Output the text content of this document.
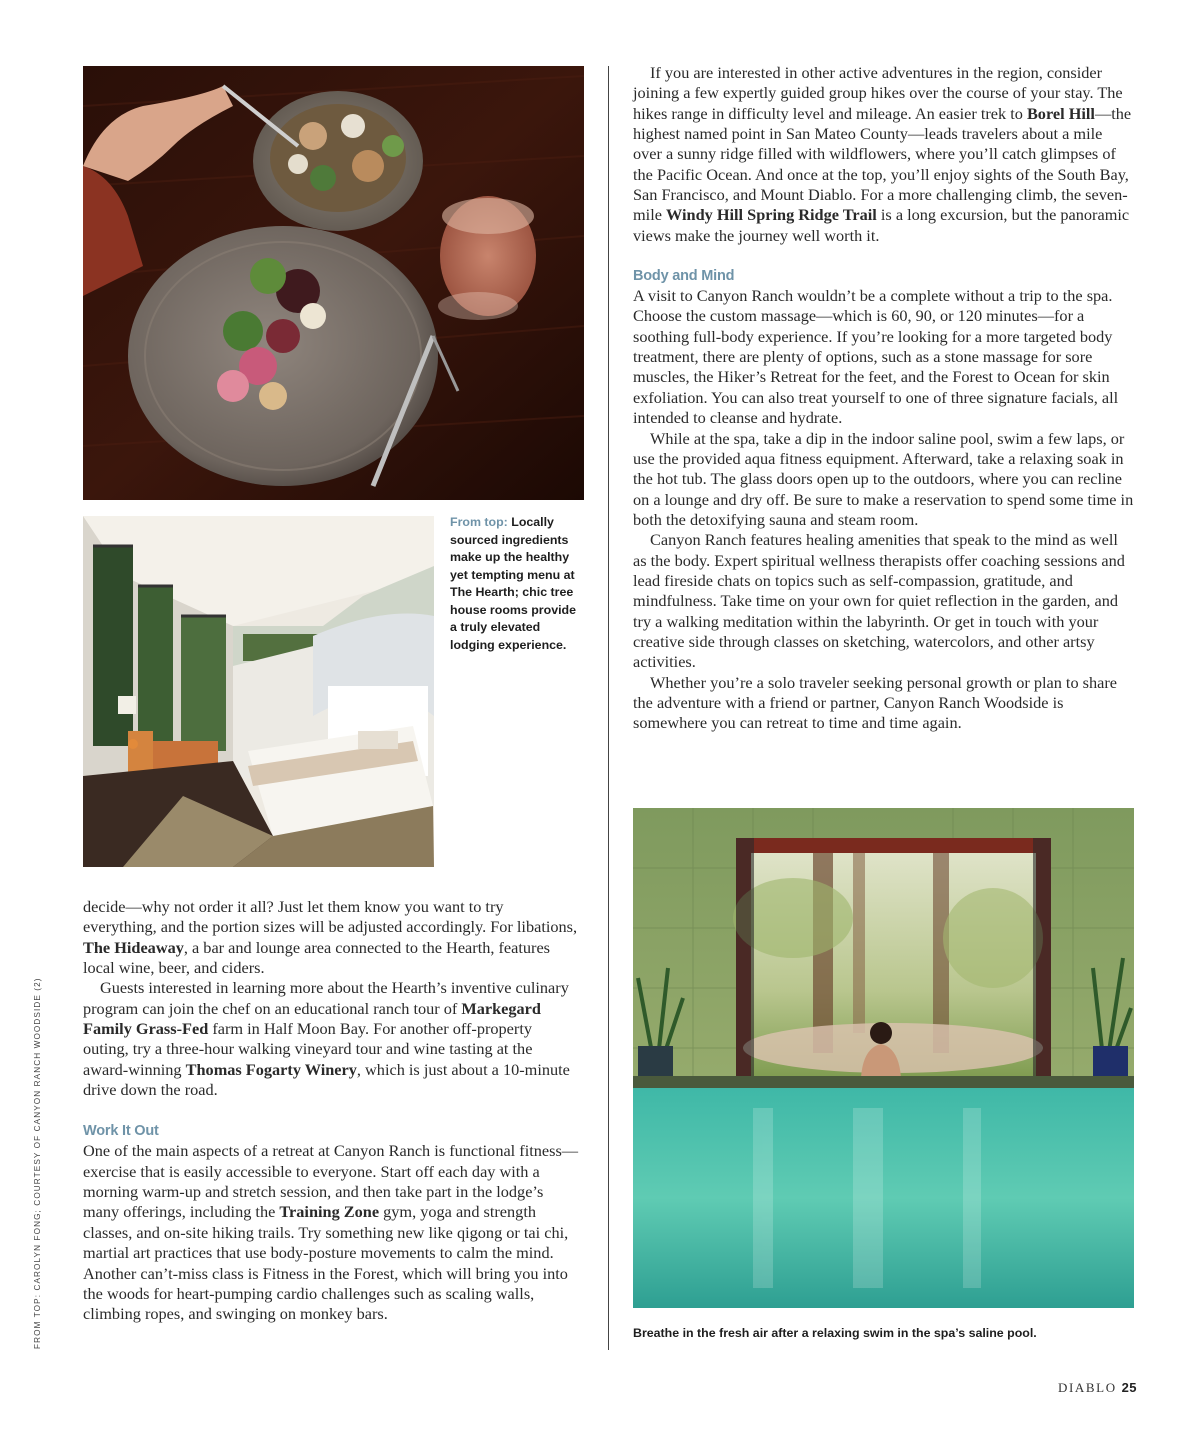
From top: Locally sourced ingredients make up the healthy yet tempting menu at The Hearth; chic tree house rooms provide a truly elevated lodging experience.

decide—why not order it all? Just let them know you want to try everything, and the portion sizes will be adjusted accordingly. For libations, The Hideaway, a bar and lounge area connected to the Hearth, features local wine, beer, and ciders.

Guests interested in learning more about the Hearth’s inventive culinary program can join the chef on an educational ranch tour of Markegard Family Grass-Fed farm in Half Moon Bay. For another off-property outing, try a three-hour walking vineyard tour and wine tasting at the award-winning Thomas Fogarty Winery, which is just about a 10-minute drive down the road.

Work It Out

One of the main aspects of a retreat at Canyon Ranch is functional fitness—exercise that is easily accessible to everyone. Start off each day with a morning warm-up and stretch session, and then take part in the lodge’s many offerings, including the Training Zone gym, yoga and strength classes, and on-site hiking trails. Try something new like qigong or tai chi, martial art practices that use body-posture movements to calm the mind. Another can’t-miss class is Fitness in the Forest, which will bring you into the woods for heart-pumping cardio challenges such as scaling walls, climbing ropes, and swinging on monkey bars.

If you are interested in other active adventures in the region, consider joining a few expertly guided group hikes over the course of your stay. The hikes range in difficulty level and mileage. An easier trek to Borel Hill—the highest named point in San Mateo County—leads travelers about a mile over a sunny ridge filled with wildflowers, where you’ll catch glimpses of the Pacific Ocean. And once at the top, you’ll enjoy sights of the South Bay, San Francisco, and Mount Diablo. For a more challenging climb, the seven-mile Windy Hill Spring Ridge Trail is a long excursion, but the panoramic views make the journey well worth it.

Body and Mind

A visit to Canyon Ranch wouldn’t be a complete without a trip to the spa. Choose the custom massage—which is 60, 90, or 120 minutes—for a soothing full-body experience. If you’re looking for a more targeted body treatment, there are plenty of options, such as a stone massage for sore muscles, the Hiker’s Retreat for the feet, and the Forest to Ocean for skin exfoliation. You can also treat yourself to one of three signature facials, all intended to cleanse and hydrate.

While at the spa, take a dip in the indoor saline pool, swim a few laps, or use the provided aqua fitness equipment. Afterward, take a relaxing soak in the hot tub. The glass doors open up to the outdoors, where you can recline on a lounge and dry off. Be sure to make a reservation to spend some time in both the detoxifying sauna and steam room.

Canyon Ranch features healing amenities that speak to the mind as well as the body. Expert spiritual wellness therapists offer coaching sessions and lead fireside chats on topics such as self-compassion, gratitude, and mindfulness. Take time on your own for quiet reflection in the garden, and try a walking meditation within the labyrinth. Or get in touch with your creative side through classes on sketching, watercolors, and other artsy activities.

Whether you’re a solo traveler seeking personal growth or plan to share the adventure with a friend or partner, Canyon Ranch Woodside is somewhere you can retreat to time and time again.

Breathe in the fresh air after a relaxing swim in the spa’s saline pool.
FROM TOP: CAROLYN FONG; COURTESY OF CANYON RANCH WOODSIDE (2)
DIABLO 25
